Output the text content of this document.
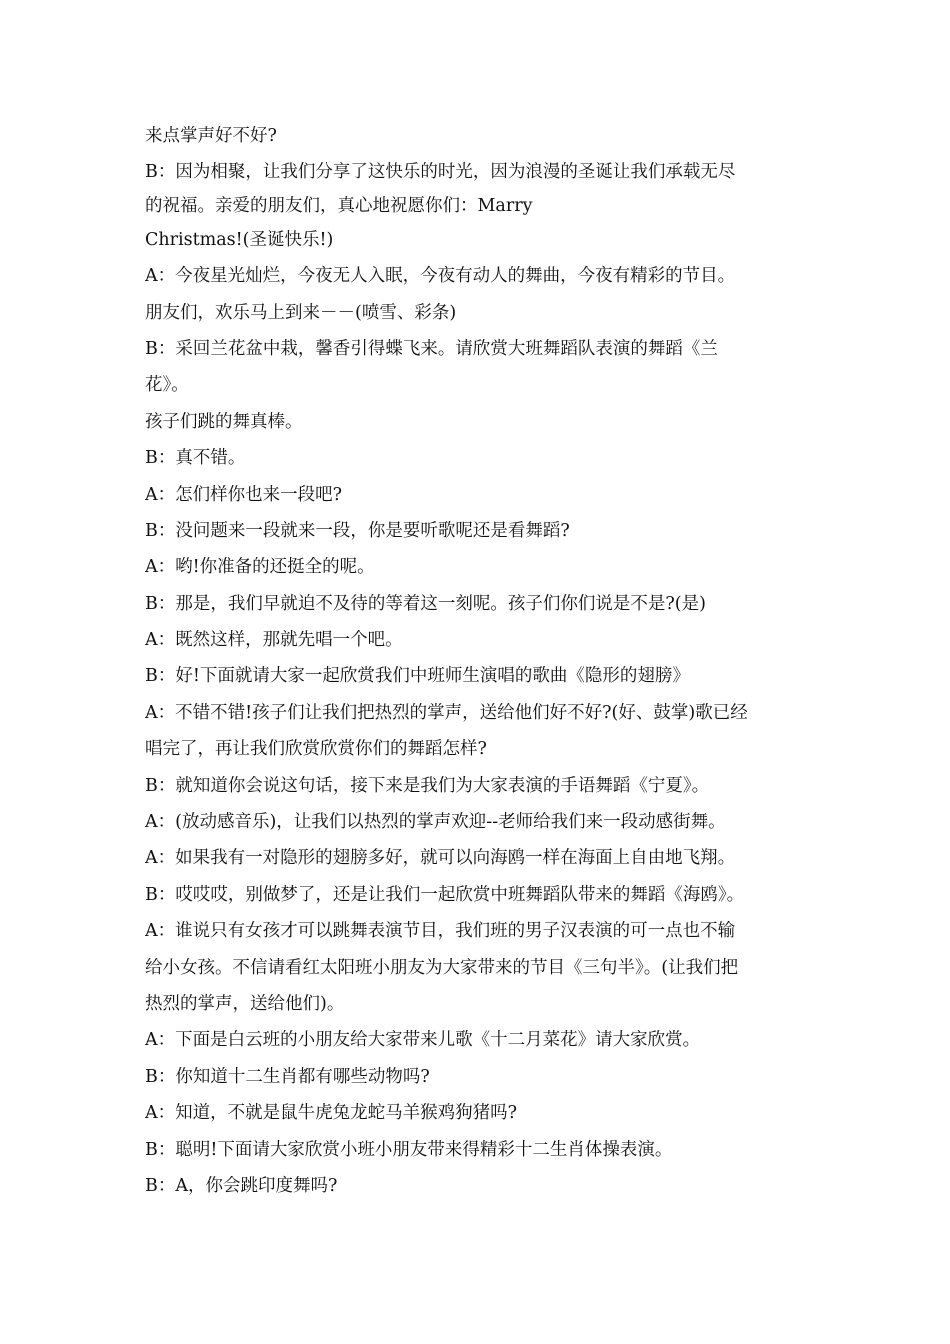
来点掌声好不好?
B：因为相聚，让我们分享了这快乐的时光，因为浪漫的圣诞让我们承载无尽
的祝福。亲爱的朋友们，真心地祝愿你们：Marry
Christmas!(圣诞快乐!)
A：今夜星光灿烂，今夜无人入眠，今夜有动人的舞曲，今夜有精彩的节目。
朋友们，欢乐马上到来－－(喷雪、彩条)
B：采回兰花盆中栽，馨香引得蝶飞来。请欣赏大班舞蹈队表演的舞蹈《兰
花》。
孩子们跳的舞真棒。
B：真不错。
A：怎们样你也来一段吧?
B：没问题来一段就来一段，你是要听歌呢还是看舞蹈?
A：哟!你准备的还挺全的呢。
B：那是，我们早就迫不及待的等着这一刻呢。孩子们你们说是不是?(是)
A：既然这样，那就先唱一个吧。
B：好!下面就请大家一起欣赏我们中班师生演唱的歌曲《隐形的翅膀》
A：不错不错!孩子们让我们把热烈的掌声，送给他们好不好?(好、鼓掌)歌已经
唱完了，再让我们欣赏欣赏你们的舞蹈怎样?
B：就知道你会说这句话，接下来是我们为大家表演的手语舞蹈《宁夏》。
A：(放动感音乐)，让我们以热烈的掌声欢迎--老师给我们来一段动感街舞。
A：如果我有一对隐形的翅膀多好，就可以向海鸥一样在海面上自由地飞翔。
B：哎哎哎，别做梦了，还是让我们一起欣赏中班舞蹈队带来的舞蹈《海鸥》。
A：谁说只有女孩才可以跳舞表演节目，我们班的男子汉表演的可一点也不输
给小女孩。不信请看红太阳班小朋友为大家带来的节目《三句半》。(让我们把
热烈的掌声，送给他们)。
A：下面是白云班的小朋友给大家带来儿歌《十二月菜花》请大家欣赏。
B：你知道十二生肖都有哪些动物吗?
A：知道，不就是鼠牛虎兔龙蛇马羊猴鸡狗猪吗?
B：聪明!下面请大家欣赏小班小朋友带来得精彩十二生肖体操表演。
B：A，你会跳印度舞吗?
